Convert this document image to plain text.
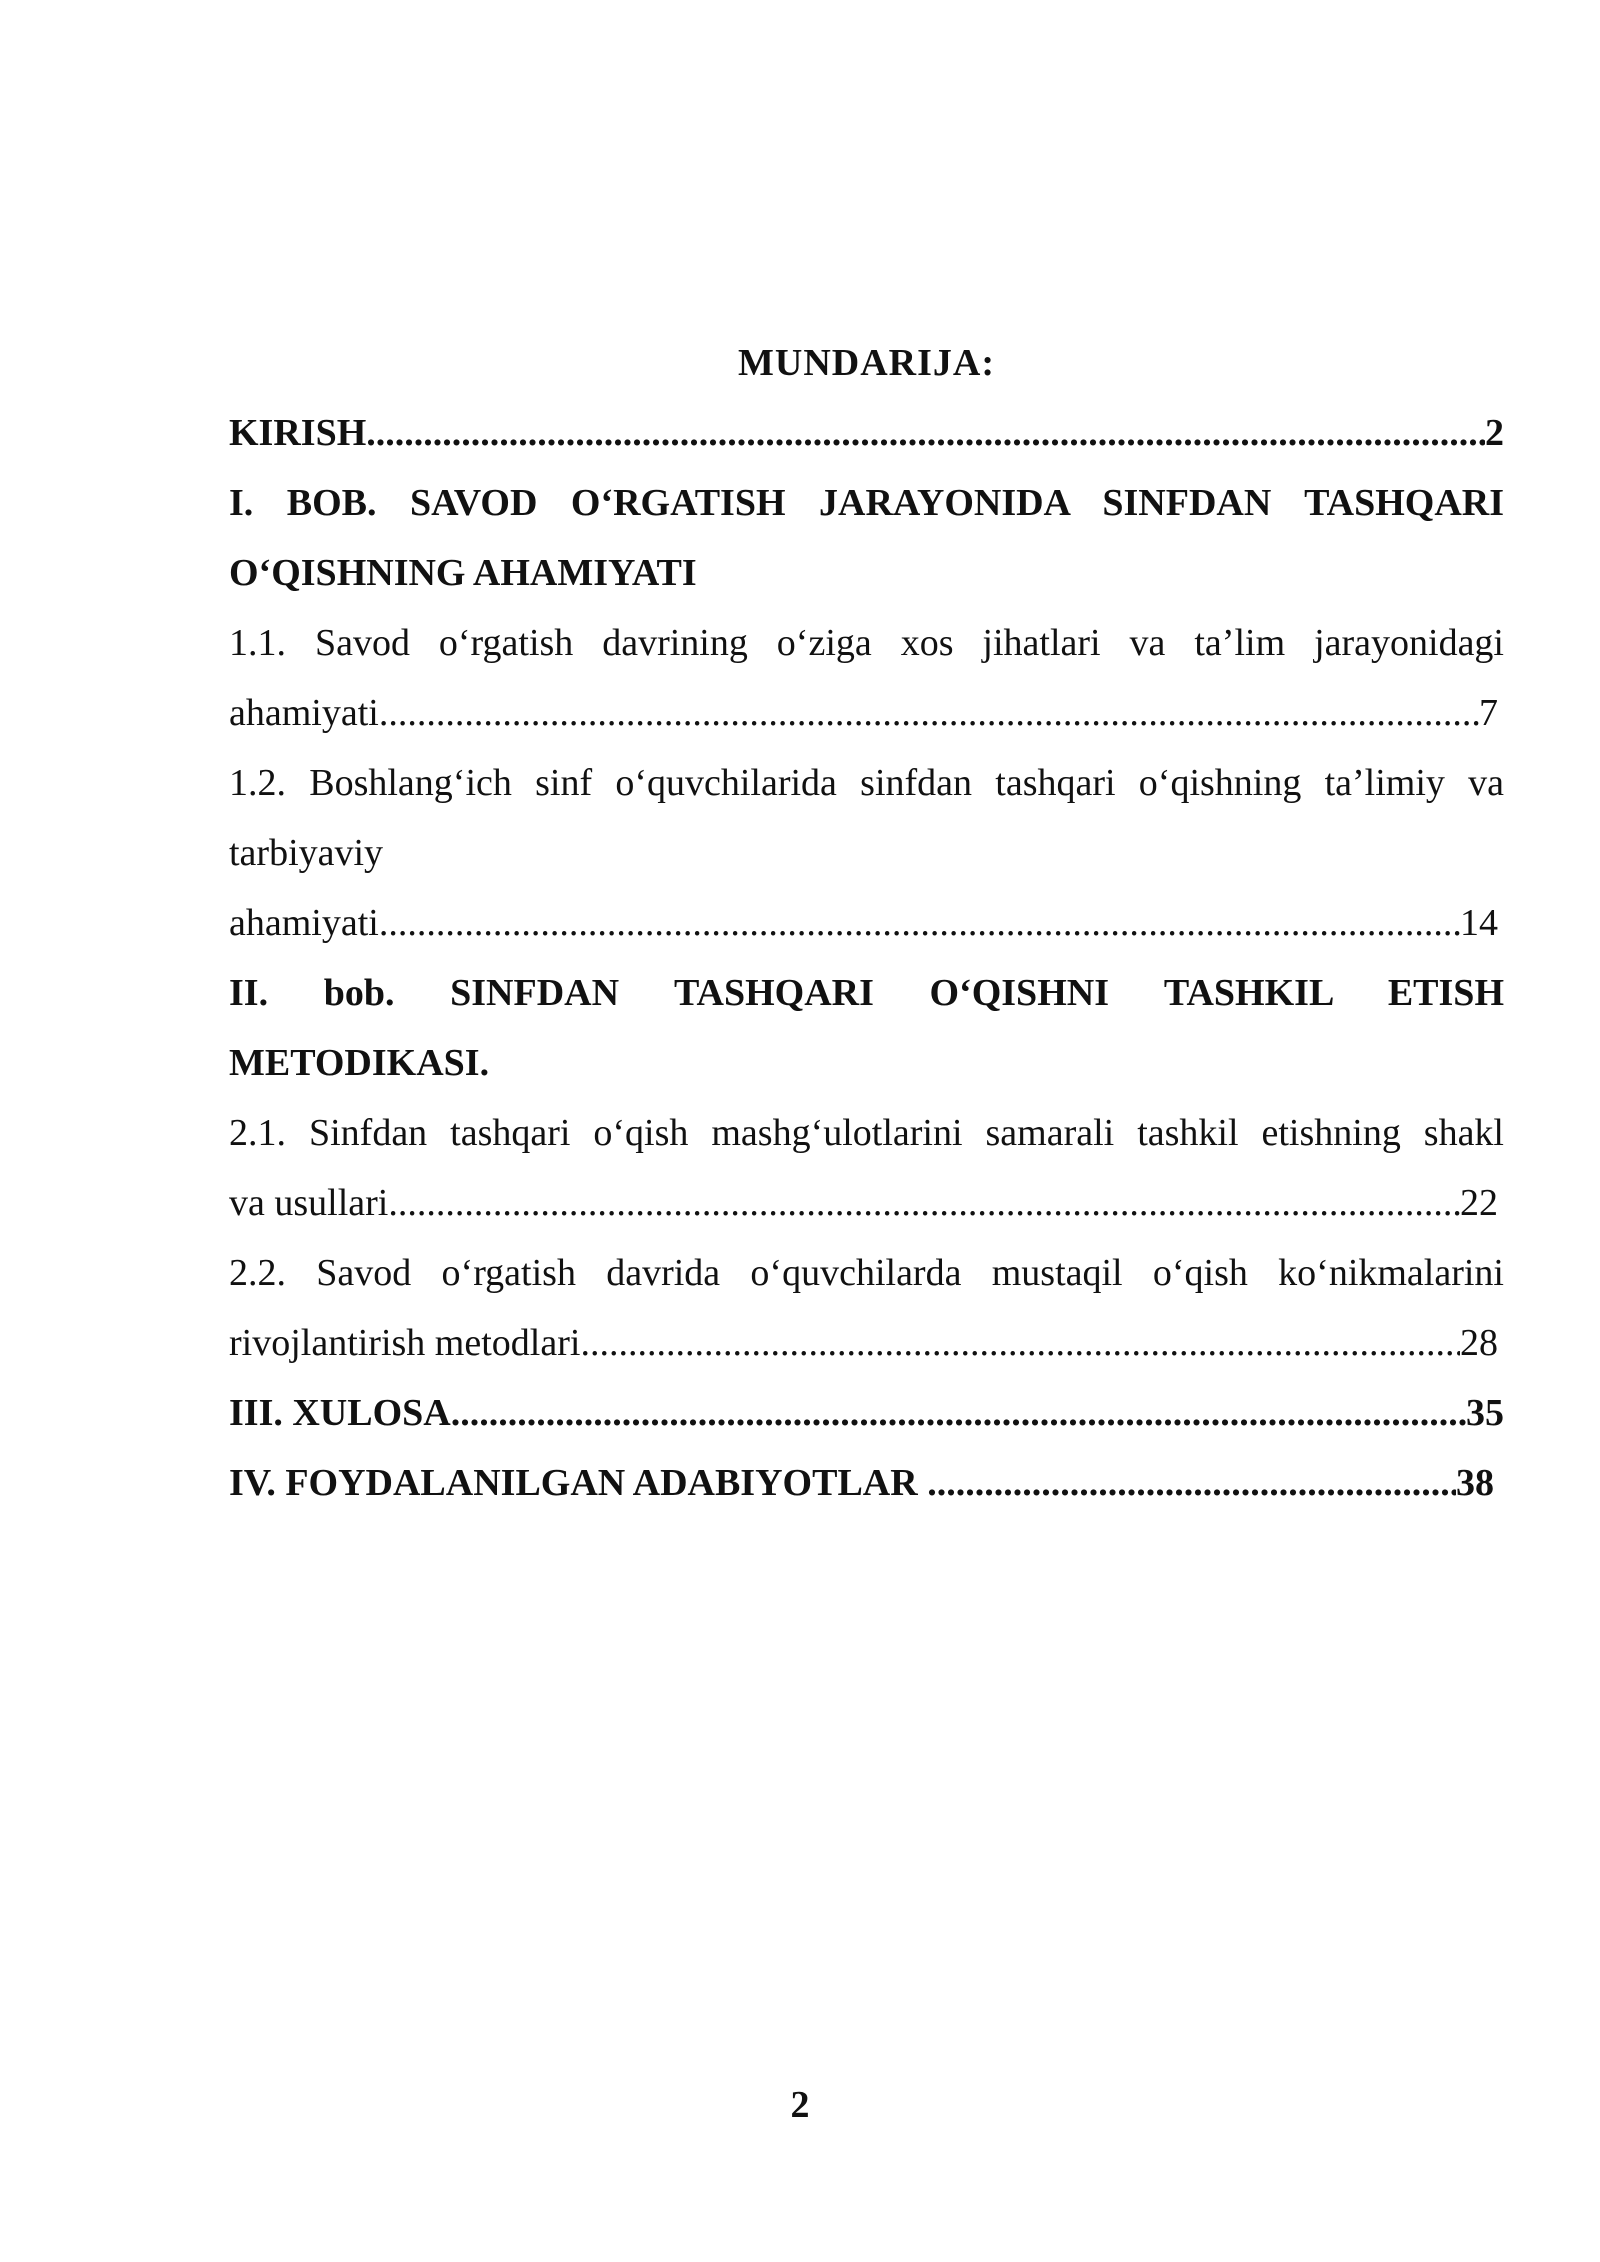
MUNDARIJA:
KIRISH .....	2
I. BOB. SAVOD O‘RGATISH JARAYONIDA SINFDAN TASHQARI
O‘QISHNING AHAMIYATI
1.1. Savod o‘rgatish davrining o‘ziga xos jihatlari va ta’lim jarayonidagi
ahamiyati .....	7
1.2. Boshlang‘ich sinf o‘quvchilarida sinfdan tashqari o‘qishning ta’limiy va
tarbiyaviy
ahamiyati .....	14
II. bob. SINFDAN TASHQARI O‘QISHNI TASHKIL ETISH
METODIKASI.
2.1. Sinfdan tashqari o‘qish mashg‘ulotlarini samarali tashkil etishning shakl
va usullari .....	22
2.2. Savod o‘rgatish davrida o‘quvchilarda mustaqil o‘qish ko‘nikmalarini
rivojlantirish metodlari .....	28
III. XULOSA .....	35
IV. FOYDALANILGAN ADABIYOTLAR .....	38
2
